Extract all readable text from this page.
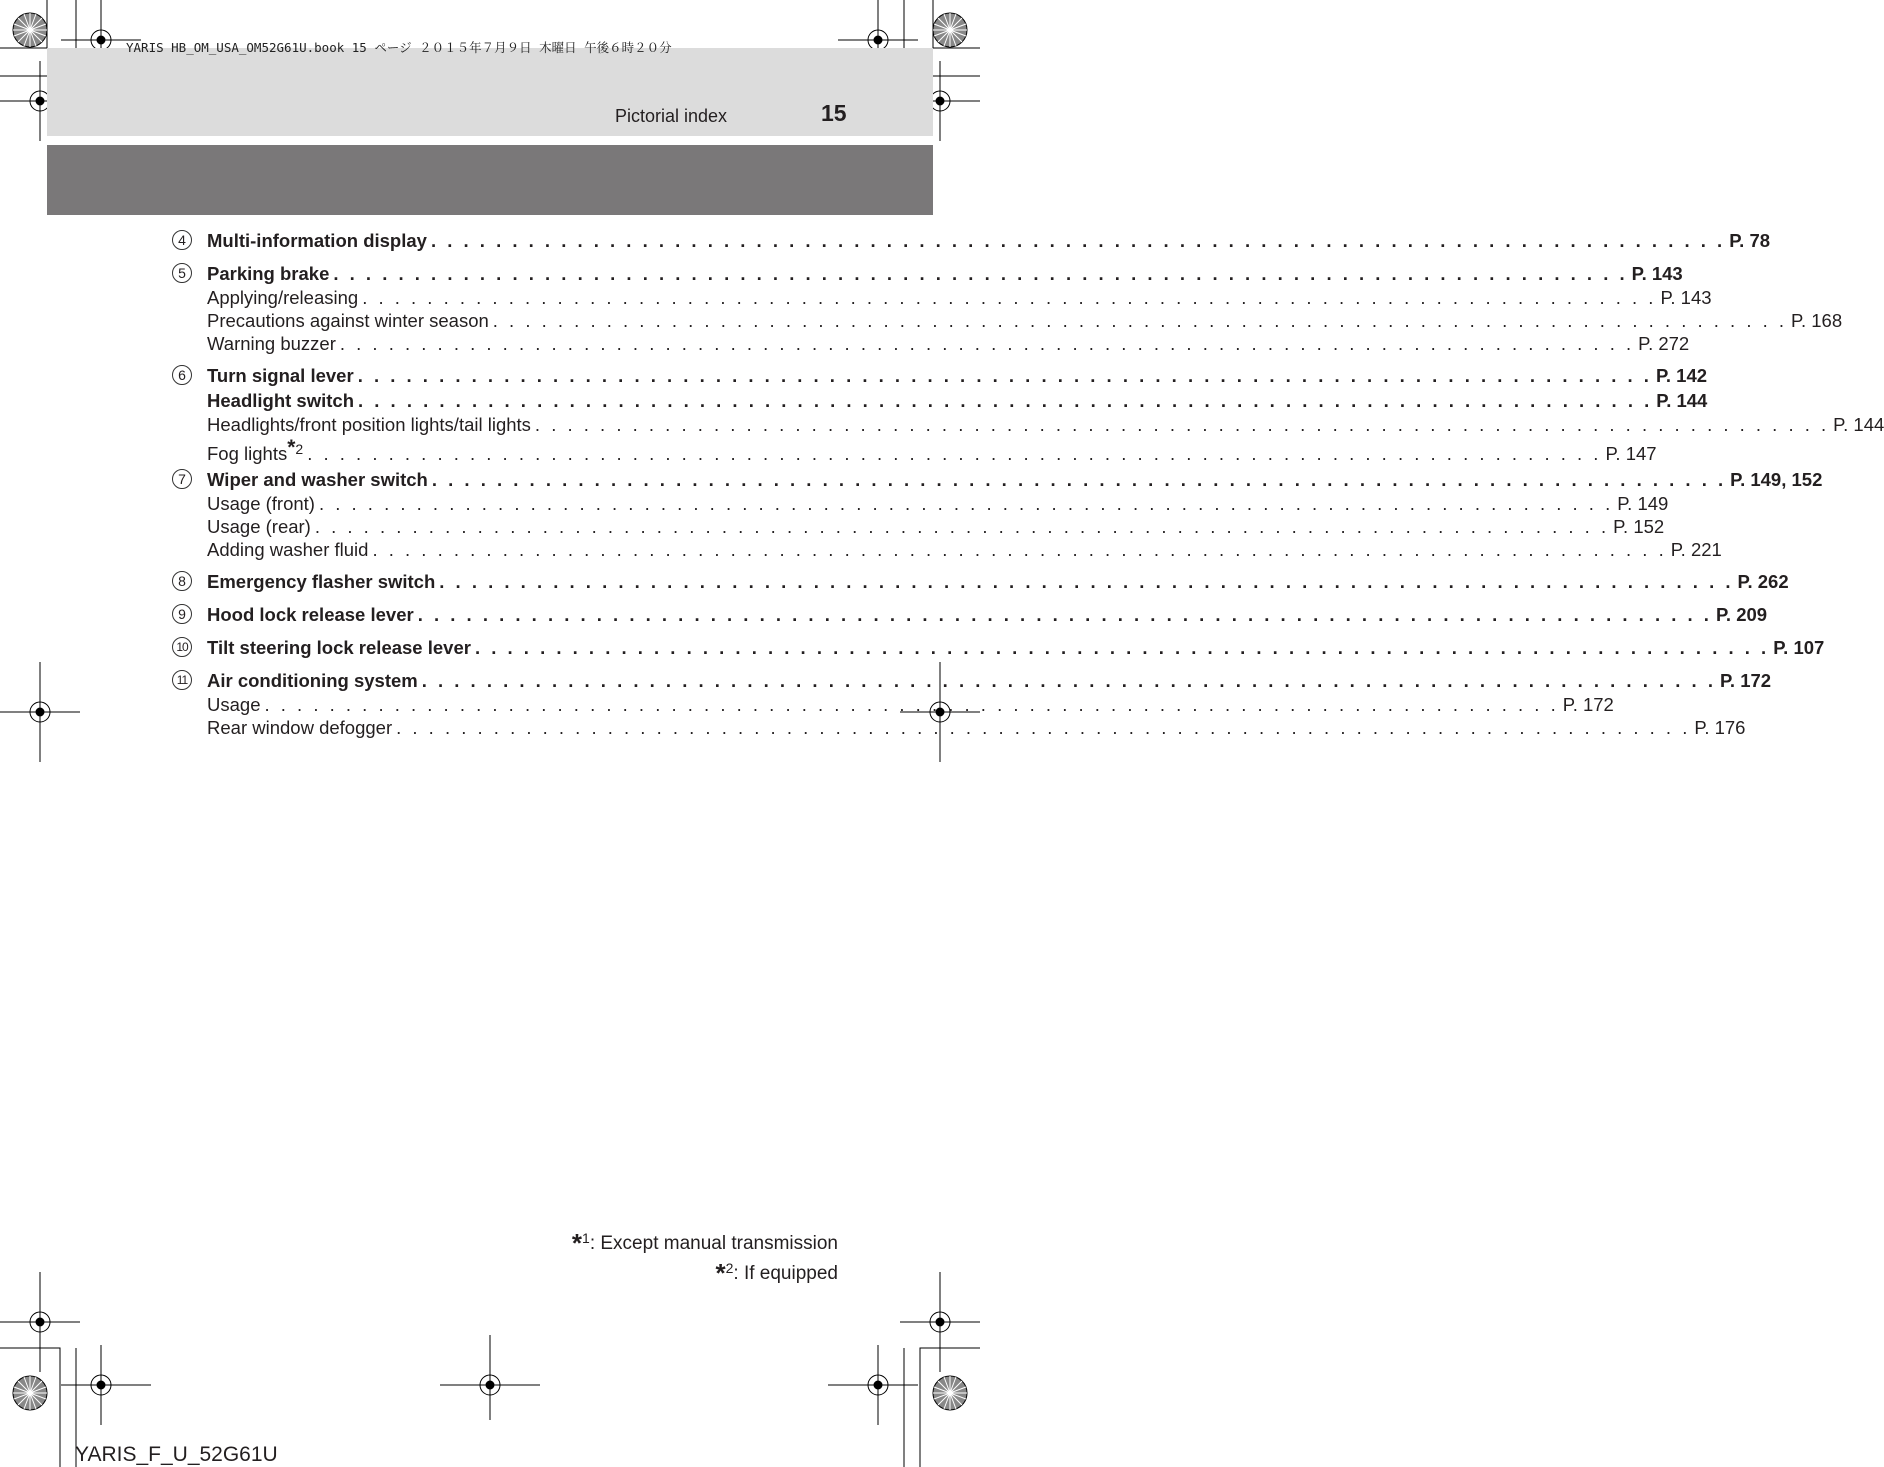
YARIS HB_OM_USA_OM52G61U.book 15 ページ ２０１５年７月９日 木曜日 午後６時２０分
Pictorial index	15
4	Multi-information display . . . . . . . . . . . . . . . . . . . . . . . . . . . . . . . . . . . . . . . . . . . . . . . . . . . . . . . . . . . . . . . . . . . . . . . . . . . . . . . . P. 78
5	Parking brake . . . . . . . . . . . . . . . . . . . . . . . . . . . . . . . . . . . . . . . . . . . . . . . . . . . . . . . . . . . . . . . . . . . . . . . . . . . . . . . . P. 143
Applying/releasing . . . . . . . . . . . . . . . . . . . . . . . . . . . . . . . . . . . . . . . . . . . . . . . . . . . . . . . . . . . . . . . . . . . . . . . . . . . . . . . . P. 143
Precautions against winter season . . . . . . . . . . . . . . . . . . . . . . . . . . . . . . . . . . . . . . . . . . . . . . . . . . . . . . . . . . . . . . . . . . . . . . . . . . . . . . . . P. 168
Warning buzzer . . . . . . . . . . . . . . . . . . . . . . . . . . . . . . . . . . . . . . . . . . . . . . . . . . . . . . . . . . . . . . . . . . . . . . . . . . . . . . . . P. 272
6	Turn signal lever . . . . . . . . . . . . . . . . . . . . . . . . . . . . . . . . . . . . . . . . . . . . . . . . . . . . . . . . . . . . . . . . . . . . . . . . . . . . . . . . P. 142
Headlight switch . . . . . . . . . . . . . . . . . . . . . . . . . . . . . . . . . . . . . . . . . . . . . . . . . . . . . . . . . . . . . . . . . . . . . . . . . . . . . . . . P. 144
Headlights/front position lights/tail lights . . . . . . . . . . . . . . . . . . . . . . . . . . . . . . . . . . . . . . . . . . . . . . . . . . . . . . . . . . . . . . . . . . . . . . . . . . . . . . . . P. 144
Fog lights$^{*2}$ . . . . . . . . . . . . . . . . . . . . . . . . . . . . . . . . . . . . . . . . . . . . . . . . . . . . . . . . . . . . . . . . . . . . . . . . . . . . . . . . P. 147
7	Wiper and washer switch . . . . . . . . . . . . . . . . . . . . . . . . . . . . . . . . . . . . . . . . . . . . . . . . . . . . . . . . . . . . . . . . . . . . . . . . . . . . . . . . P. 149, 152
Usage (front) . . . . . . . . . . . . . . . . . . . . . . . . . . . . . . . . . . . . . . . . . . . . . . . . . . . . . . . . . . . . . . . . . . . . . . . . . . . . . . . . P. 149
Usage (rear) . . . . . . . . . . . . . . . . . . . . . . . . . . . . . . . . . . . . . . . . . . . . . . . . . . . . . . . . . . . . . . . . . . . . . . . . . . . . . . . . P. 152
Adding washer fluid . . . . . . . . . . . . . . . . . . . . . . . . . . . . . . . . . . . . . . . . . . . . . . . . . . . . . . . . . . . . . . . . . . . . . . . . . . . . . . . . P. 221
8	Emergency flasher switch . . . . . . . . . . . . . . . . . . . . . . . . . . . . . . . . . . . . . . . . . . . . . . . . . . . . . . . . . . . . . . . . . . . . . . . . . . . . . . . . P. 262
9	Hood lock release lever . . . . . . . . . . . . . . . . . . . . . . . . . . . . . . . . . . . . . . . . . . . . . . . . . . . . . . . . . . . . . . . . . . . . . . . . . . . . . . . . P. 209
10 Tilt steering lock release lever . . . . . . . . . . . . . . . . . . . . . . . . . . . . . . . . . . . . . . . . . . . . . . . . . . . . . . . . . . . . . . . . . . . . . . . . . . . . . . . . P. 107
11 Air conditioning system . . . . . . . . . . . . . . . . . . . . . . . . . . . . . . . . . . . . . . . . . . . . . . . . . . . . . . . . . . . . . . . . . . . . . . . . . . . . . . . . P. 172
Usage . . . . . . . . . . . . . . . . . . . . . . . . . . . . . . . . . . . . . . . . . . . . . . . . . . . . . . . . . . . . . . . . . . . . . . . . . . . . . . . . P. 172
Rear window defogger . . . . . . . . . . . . . . . . . . . . . . . . . . . . . . . . . . . . . . . . . . . . . . . . . . . . . . . . . . . . . . . . . . . . . . . . . . . . . . . . P. 176
*$^1$: Except manual transmission
*$^2$: If equipped
YARIS_F_U_52G61U
